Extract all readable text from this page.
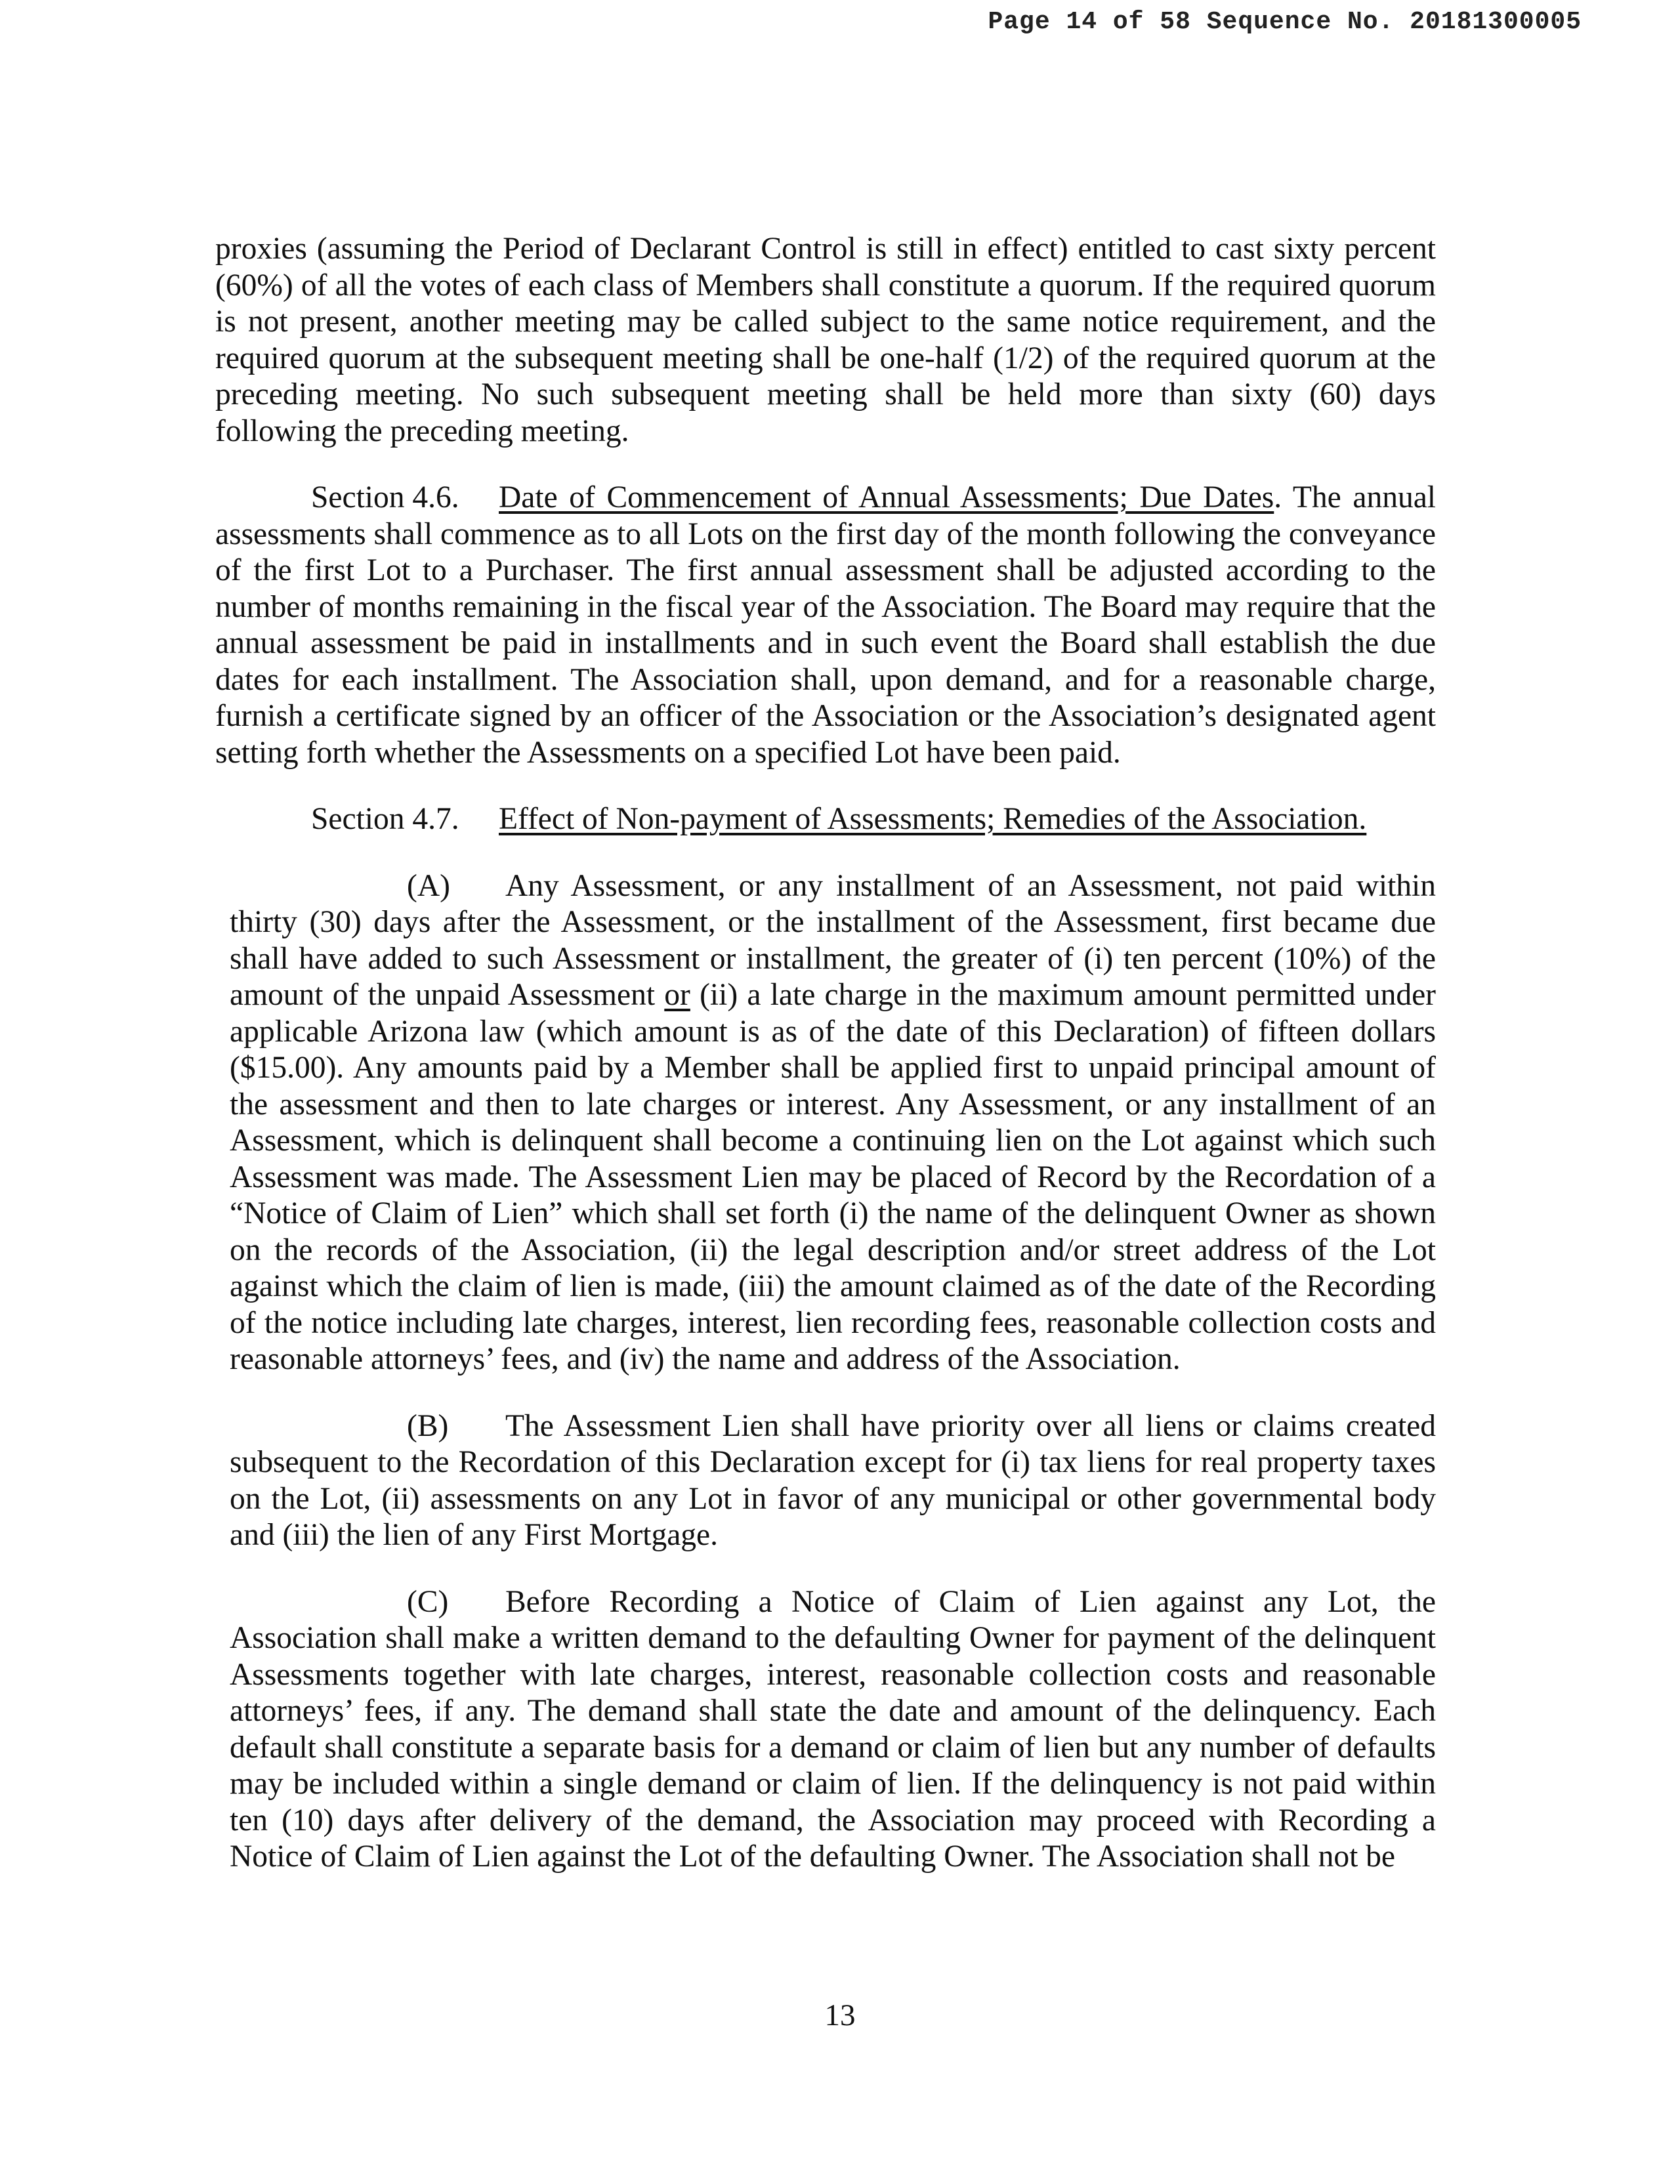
Page 14 of 58 Sequence No. 20181300005

proxies (assuming the Period of Declarant Control is still in effect) entitled to cast sixty percent (60%) of all the votes of each class of Members shall constitute a quorum. If the required quorum is not present, another meeting may be called subject to the same notice requirement, and the required quorum at the subsequent meeting shall be one-half (1/2) of the required quorum at the preceding meeting. No such subsequent meeting shall be held more than sixty (60) days following the preceding meeting.

Section 4.6. Date of Commencement of Annual Assessments; Due Dates. The annual assessments shall commence as to all Lots on the first day of the month following the conveyance of the first Lot to a Purchaser. The first annual assessment shall be adjusted according to the number of months remaining in the fiscal year of the Association. The Board may require that the annual assessment be paid in installments and in such event the Board shall establish the due dates for each installment. The Association shall, upon demand, and for a reasonable charge, furnish a certificate signed by an officer of the Association or the Association’s designated agent setting forth whether the Assessments on a specified Lot have been paid.

Section 4.7. Effect of Non-payment of Assessments; Remedies of the Association.

(A) Any Assessment, or any installment of an Assessment, not paid within thirty (30) days after the Assessment, or the installment of the Assessment, first became due shall have added to such Assessment or installment, the greater of (i) ten percent (10%) of the amount of the unpaid Assessment or (ii) a late charge in the maximum amount permitted under applicable Arizona law (which amount is as of the date of this Declaration) of fifteen dollars ($15.00). Any amounts paid by a Member shall be applied first to unpaid principal amount of the assessment and then to late charges or interest. Any Assessment, or any installment of an Assessment, which is delinquent shall become a continuing lien on the Lot against which such Assessment was made. The Assessment Lien may be placed of Record by the Recordation of a “Notice of Claim of Lien” which shall set forth (i) the name of the delinquent Owner as shown on the records of the Association, (ii) the legal description and/or street address of the Lot against which the claim of lien is made, (iii) the amount claimed as of the date of the Recording of the notice including late charges, interest, lien recording fees, reasonable collection costs and reasonable attorneys’ fees, and (iv) the name and address of the Association.

(B) The Assessment Lien shall have priority over all liens or claims created subsequent to the Recordation of this Declaration except for (i) tax liens for real property taxes on the Lot, (ii) assessments on any Lot in favor of any municipal or other governmental body and (iii) the lien of any First Mortgage.

(C) Before Recording a Notice of Claim of Lien against any Lot, the Association shall make a written demand to the defaulting Owner for payment of the delinquent Assessments together with late charges, interest, reasonable collection costs and reasonable attorneys’ fees, if any. The demand shall state the date and amount of the delinquency. Each default shall constitute a separate basis for a demand or claim of lien but any number of defaults may be included within a single demand or claim of lien. If the delinquency is not paid within ten (10) days after delivery of the demand, the Association may proceed with Recording a Notice of Claim of Lien against the Lot of the defaulting Owner. The Association shall not be

13
